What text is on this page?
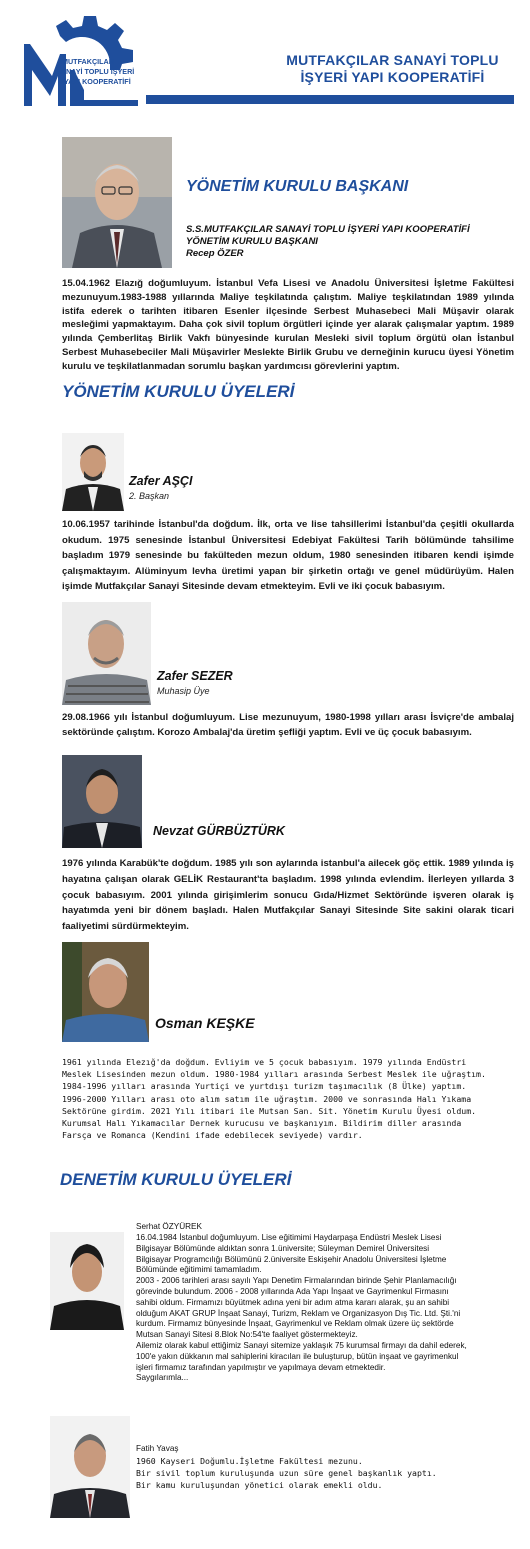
MUTFAKÇILAR
SANAYİ TOPLU İŞYERİ
YAPI KOOPERATİFİ
MUTFAKÇILAR SANAYİ TOPLU
İŞYERİ YAPI KOOPERATİFİ
YÖNETİM KURULU BAŞKANI
S.S.MUTFAKÇILAR SANAYİ TOPLU İŞYERİ YAPI KOOPERATİFİ
YÖNETİM KURULU BAŞKANI
Recep ÖZER
15.04.1962 Elazığ doğumluyum. İstanbul Vefa Lisesi ve Anadolu Üniversitesi İşletme Fakültesi mezunuyum.1983-1988 yıllarında Maliye teşkilatında çalıştım. Maliye teşkilatından 1989 yılında istifa ederek o tarihten itibaren Esenler ilçesinde Serbest Muhasebeci Mali Müşavir olarak mesleğimi yapmaktayım. Daha çok sivil toplum örgütleri içinde yer alarak çalışmalar yaptım. 1989 yılında Çemberlitaş Birlik Vakfı bünyesinde kurulan Mesleki sivil toplum örgütü olan İstanbul Serbest Muhasebeciler Mali Müşavirler Meslekte Birlik Grubu ve derneğinin kurucu üyesi Yönetim kurulu ve teşkilatlanmadan sorumlu başkan yardımcısı görevlerini yaptım.
YÖNETİM KURULU ÜYELERİ
Zafer AŞÇI
2. Başkan
10.06.1957 tarihinde İstanbul'da doğdum. İlk, orta ve lise tahsillerimi İstanbul'da çeşitli okullarda okudum. 1975 senesinde İstanbul Üniversitesi Edebiyat Fakültesi Tarih bölümünde tahsilime başladım 1979 senesinde bu fakülteden mezun oldum, 1980 senesinden itibaren kendi işimde çalışmaktayım. Alüminyum levha üretimi yapan bir şirketin ortağı ve genel müdürüyüm. Halen işimde Mutfakçılar Sanayi Sitesinde devam etmekteyim. Evli ve iki çocuk babasıyım.
Zafer SEZER
Muhasip Üye
29.08.1966 yılı İstanbul doğumluyum. Lise mezunuyum, 1980-1998 yılları arası İsviçre'de ambalaj sektöründe çalıştım. Korozo Ambalaj'da üretim şefliği yaptım. Evli ve üç çocuk babasıyım.
Nevzat GÜRBÜZTÜRK
1976 yılında Karabük'te doğdum. 1985 yılı son aylarında istanbul'a ailecek göç ettik. 1989 yılında iş hayatına çalışan olarak GELİK Restaurant'ta başladım. 1998 yılında evlendim. İlerleyen yıllarda 3 çocuk babasıyım. 2001 yılında girişimlerim sonucu Gıda/Hizmet Sektöründe işveren olarak iş hayatımda yeni bir dönem başladı. Halen Mutfakçılar Sanayi Sitesinde Site sakini olarak ticari faaliyetimi sürdürmekteyim.
Osman KEŞKE
1961 yılında Elezığ'da doğdum. Evliyim ve 5 çocuk babasıyım. 1979 yılında Endüstri
Meslek Lisesinden mezun oldum. 1980-1984 yılları arasında Serbest Meslek ile uğraştım.
1984-1996 yılları arasında Yurtiçi ve yurtdışı turizm taşımacılık (8 Ülke) yaptım.
1996-2000 Yılları arası oto alım satım ile uğraştım. 2000 ve sonrasında Halı Yıkama
Sektörüne girdim. 2021 Yılı itibari ile Mutsan San. Sit. Yönetim Kurulu Üyesi oldum.
Kurumsal Halı Yıkamacılar Dernek kurucusu ve başkanıyım. Bildirim diller arasında
Farsça ve Romanca (Kendini ifade edebilecek seviyede) vardır.
DENETİM KURULU ÜYELERİ
Serhat ÖZYÜREK
16.04.1984 İstanbul doğumluyum. Lise eğitimimi Haydarpaşa Endüstri Meslek Lisesi
Bilgisayar Bölümünde aldıktan sonra 1.üniversite; Süleyman Demirel Üniversitesi
Bilgisayar Programcılığı Bölümünü 2.üniversite Eskişehir Anadolu Üniversitesi İşletme
Bölümünde eğitimimi tamamladım.
2003 - 2006 tarihleri arası sayılı Yapı Denetim Firmalarından birinde Şehir Planlamacılığı
görevinde bulundum. 2006 - 2008 yıllarında Ada Yapı İnşaat ve Gayrimenkul Firmasını
sahibi oldum. Firmamızı büyütmek adına yeni bir adım atma kararı alarak, şu an sahibi
olduğum AKAT GRUP İnşaat Sanayi, Turizm, Reklam ve Organizasyon Dış Tic. Ltd. Şti.'ni
kurdum. Firmamız bünyesinde İnşaat, Gayrimenkul ve Reklam olmak üzere üç sektörde
Mutsan Sanayi Sitesi 8.Blok No:54'te faaliyet göstermekteyiz.
Ailemiz olarak kabul ettiğimiz Sanayi sitemize yaklaşık 75 kurumsal firmayı da dahil ederek,
100'e yakın dükkanın mal sahiplerini kiracıları ile buluşturup, bütün inşaat ve gayrimenkul
işleri firmamız tarafından yapılmıştır ve yapılmaya devam etmektedir.
Saygılarımla...
Fatih Yavaş
1960 Kayseri Doğumlu.İşletme Fakültesi mezunu.
Bir sivil toplum kuruluşunda uzun süre genel başkanlık yaptı.
Bir kamu kuruluşundan yönetici olarak emekli oldu.
